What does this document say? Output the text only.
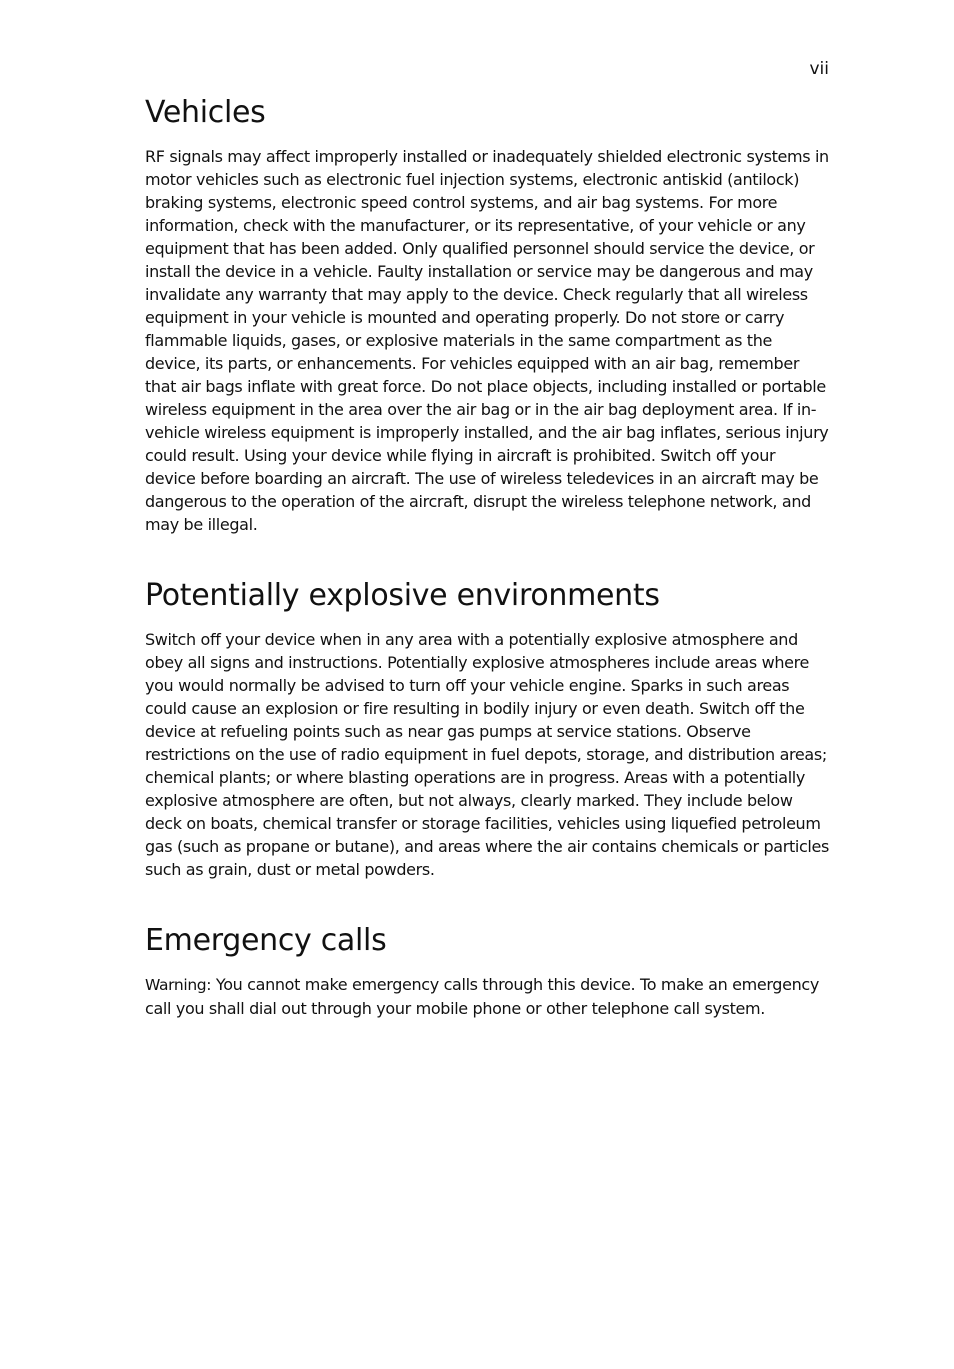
vii
Vehicles

RF signals may affect improperly installed or inadequately shielded electronic systems in motor vehicles such as electronic fuel injection systems, electronic antiskid (antilock) braking systems, electronic speed control systems, and air bag systems. For more information, check with the manufacturer, or its representative, of your vehicle or any equipment that has been added. Only qualified personnel should service the device, or install the device in a vehicle. Faulty installation or service may be dangerous and may invalidate any warranty that may apply to the device. Check regularly that all wireless equipment in your vehicle is mounted and operating properly. Do not store or carry flammable liquids, gases, or explosive materials in the same compartment as the device, its parts, or enhancements. For vehicles equipped with an air bag, remember that air bags inflate with great force. Do not place objects, including installed or portable wireless equipment in the area over the air bag or in the air bag deployment area. If in-vehicle wireless equipment is improperly installed, and the air bag inflates, serious injury could result. Using your device while flying in aircraft is prohibited. Switch off your device before boarding an aircraft. The use of wireless teledevices in an aircraft may be dangerous to the operation of the aircraft, disrupt the wireless telephone network, and may be illegal.

Potentially explosive environments

Switch off your device when in any area with a potentially explosive atmosphere and obey all signs and instructions. Potentially explosive atmospheres include areas where you would normally be advised to turn off your vehicle engine. Sparks in such areas could cause an explosion or fire resulting in bodily injury or even death. Switch off the device at refueling points such as near gas pumps at service stations. Observe restrictions on the use of radio equipment in fuel depots, storage, and distribution areas; chemical plants; or where blasting operations are in progress. Areas with a potentially explosive atmosphere are often, but not always, clearly marked. They include below deck on boats, chemical transfer or storage facilities, vehicles using liquefied petroleum gas (such as propane or butane), and areas where the air contains chemicals or particles such as grain, dust or metal powders.

Emergency calls

Warning: You cannot make emergency calls through this device. To make an emergency call you shall dial out through your mobile phone or other telephone call system.
